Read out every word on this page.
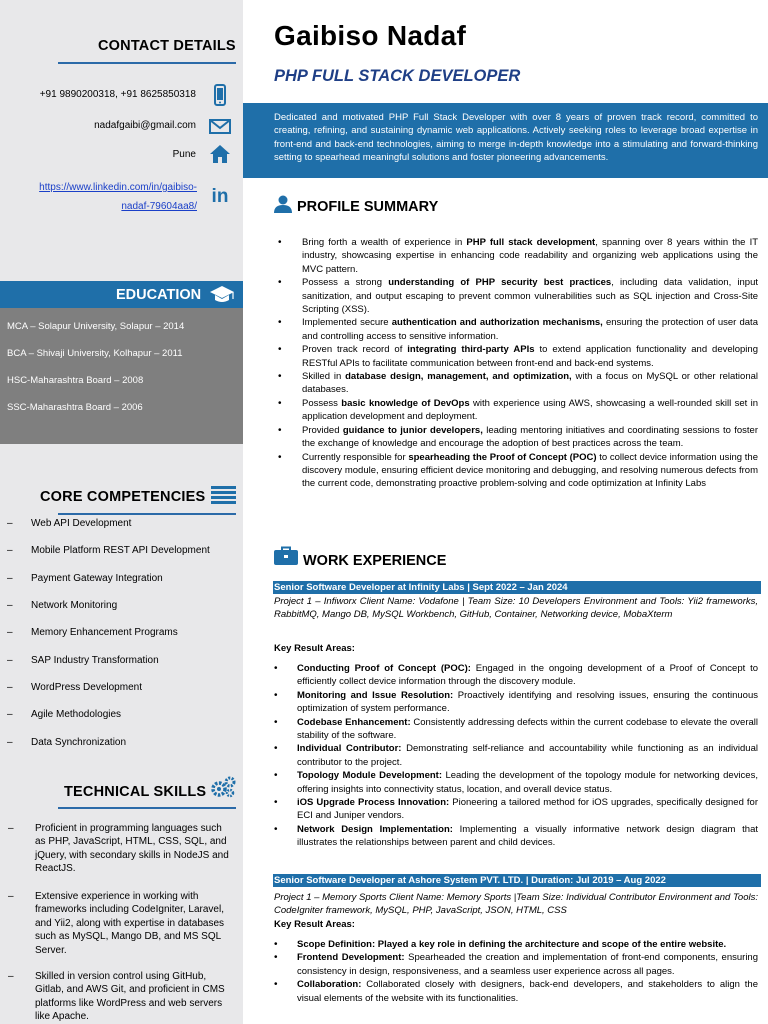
CONTACT DETAILS
+91 9890200318, +91 8625850318
nadafgaibi@gmail.com
Pune
https://www.linkedin.com/in/gaibiso-
nadaf-79604aa8/ in
EDUCATION
MCA – Solapur University, Solapur – 2014
BCA – Shivaji University, Kolhapur – 2011
HSC-Maharashtra Board – 2008
SSC-Maharashtra Board – 2006
CORE COMPETENCIES
– Web API Development
– Mobile Platform REST API Development
– Payment Gateway Integration
– Network Monitoring
– Memory Enhancement Programs
– SAP Industry Transformation
– WordPress Development
– Agile Methodologies
– Data Synchronization
TECHNICAL SKILLS
– Proficient in programming languages such as PHP, JavaScript, HTML, CSS, SQL, and jQuery, with secondary skills in NodeJS and ReactJS.
– Extensive experience in working with frameworks including CodeIgniter, Laravel, and Yii2, along with expertise in databases such as MySQL, Mango DB, and MS SQL Server.
– Skilled in version control using GitHub, Gitlab, and AWS Git, and proficient in CMS platforms like WordPress and web servers like Apache.
Gaibiso Nadaf
PHP FULL STACK DEVELOPER
Dedicated and motivated PHP Full Stack Developer with over 8 years of proven track record, committed to creating, refining, and sustaining dynamic web applications. Actively seeking roles to leverage broad expertise in front-end and back-end technologies, aiming to merge in-depth knowledge into a stimulating and forward-thinking setting to spearhead meaningful solutions and foster pioneering advancements.
PROFILE SUMMARY
• Bring forth a wealth of experience in PHP full stack development, spanning over 8 years within the IT industry, showcasing expertise in enhancing code readability and organizing web applications using the MVC pattern.
• Possess a strong understanding of PHP security best practices, including data validation, input sanitization, and output escaping to prevent common vulnerabilities such as SQL injection and Cross-Site Scripting (XSS).
• Implemented secure authentication and authorization mechanisms, ensuring the protection of user data and controlling access to sensitive information.
• Proven track record of integrating third-party APIs to extend application functionality and developing RESTful APIs to facilitate communication between front-end and back-end systems.
• Skilled in database design, management, and optimization, with a focus on MySQL or other relational databases.
• Possess basic knowledge of DevOps with experience using AWS, showcasing a well-rounded skill set in application development and deployment.
• Provided guidance to junior developers, leading mentoring initiatives and coordinating sessions to foster the exchange of knowledge and encourage the adoption of best practices across the team.
• Currently responsible for spearheading the Proof of Concept (POC) to collect device information using the discovery module, ensuring efficient device monitoring and debugging, and resolving numerous defects from the current code, demonstrating proactive problem-solving and code optimization at Infinity Labs
WORK EXPERIENCE
Senior Software Developer at Infinity Labs | Sept 2022 – Jan 2024
Project 1 – Infiworx Client Name: Vodafone | Team Size: 10 Developers Environment and Tools: Yii2 frameworks, RabbitMQ, Mango DB, MySQL Workbench, GitHub, Container, Networking device, MobaXterm
Key Result Areas:
• Conducting Proof of Concept (POC): Engaged in the ongoing development of a Proof of Concept to efficiently collect device information through the discovery module.
• Monitoring and Issue Resolution: Proactively identifying and resolving issues, ensuring the continuous optimization of system performance.
• Codebase Enhancement: Consistently addressing defects within the current codebase to elevate the overall stability of the software.
• Individual Contributor: Demonstrating self-reliance and accountability while functioning as an individual contributor to the project.
• Topology Module Development: Leading the development of the topology module for networking devices, offering insights into connectivity status, location, and overall device status.
• iOS Upgrade Process Innovation: Pioneering a tailored method for iOS upgrades, specifically designed for ECI and Juniper vendors.
• Network Design Implementation: Implementing a visually informative network design diagram that illustrates the relationships between parent and child devices.
Senior Software Developer at Ashore System PVT. LTD. | Duration: Jul 2019 – Aug 2022
Project 1 – Memory Sports Client Name: Memory Sports |Team Size: Individual Contributor Environment and Tools: CodeIgniter framework, MySQL, PHP, JavaScript, JSON, HTML, CSS
Key Result Areas:
• Scope Definition: Played a key role in defining the architecture and scope of the entire website.
• Frontend Development: Spearheaded the creation and implementation of front-end components, ensuring consistency in design, responsiveness, and a seamless user experience across all pages.
• Collaboration: Collaborated closely with designers, back-end developers, and stakeholders to align the visual elements of the website with its functionalities.
